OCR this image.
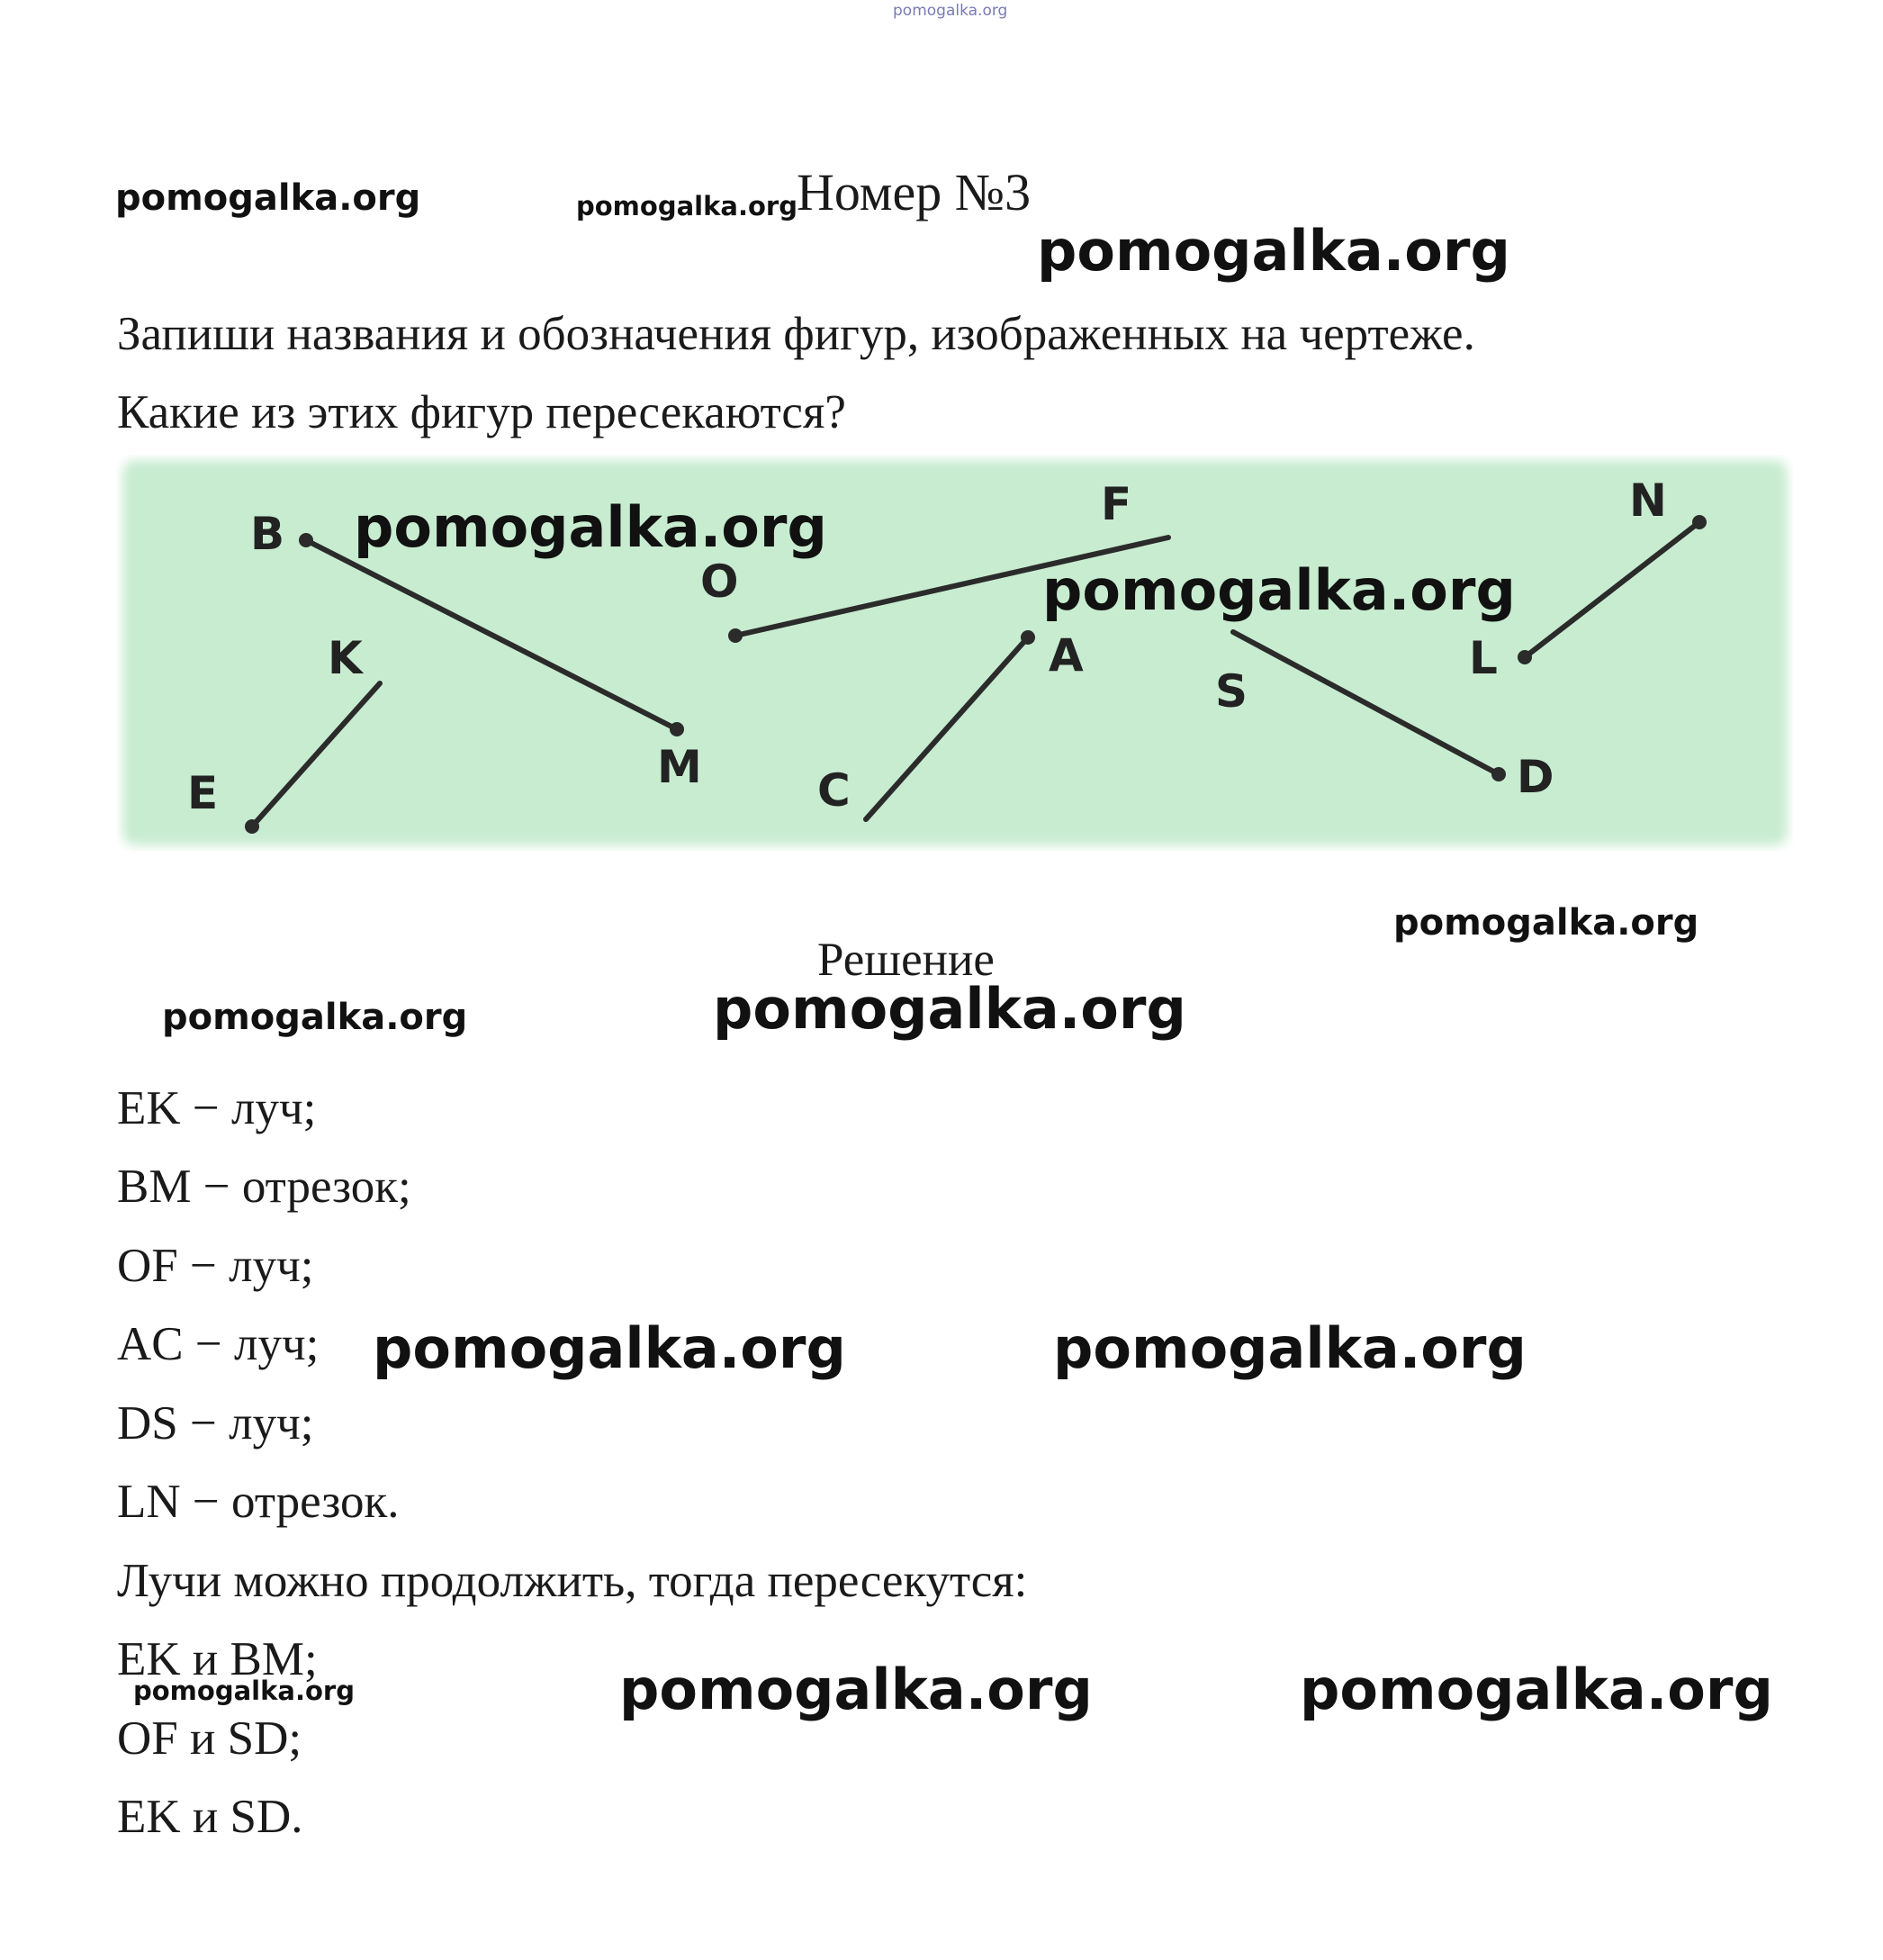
pomogalka.org
pomogalka.org	pomogalka.org Номер №3
pomogalka.org
Запиши названия и обозначения фигур, изображенных на чертеже.
Какие из этих фигур пересекаются?
B
M
K
E
O
F
A
C
S
D
N
L
pomogalka.org
pomogalka.org
pomogalka.org
Решение
pomogalka.org	pomogalka.org
EK − луч;
BM − отрезок;
OF − луч;
AC − луч;
DS − луч;
LN − отрезок.
Лучи можно продолжить, тогда пересекутся:
EK и BM;
OF и SD;
EK и SD.
pomogalka.org	pomogalka.org
pomogalka.org	pomogalka.org	pomogalka.org
